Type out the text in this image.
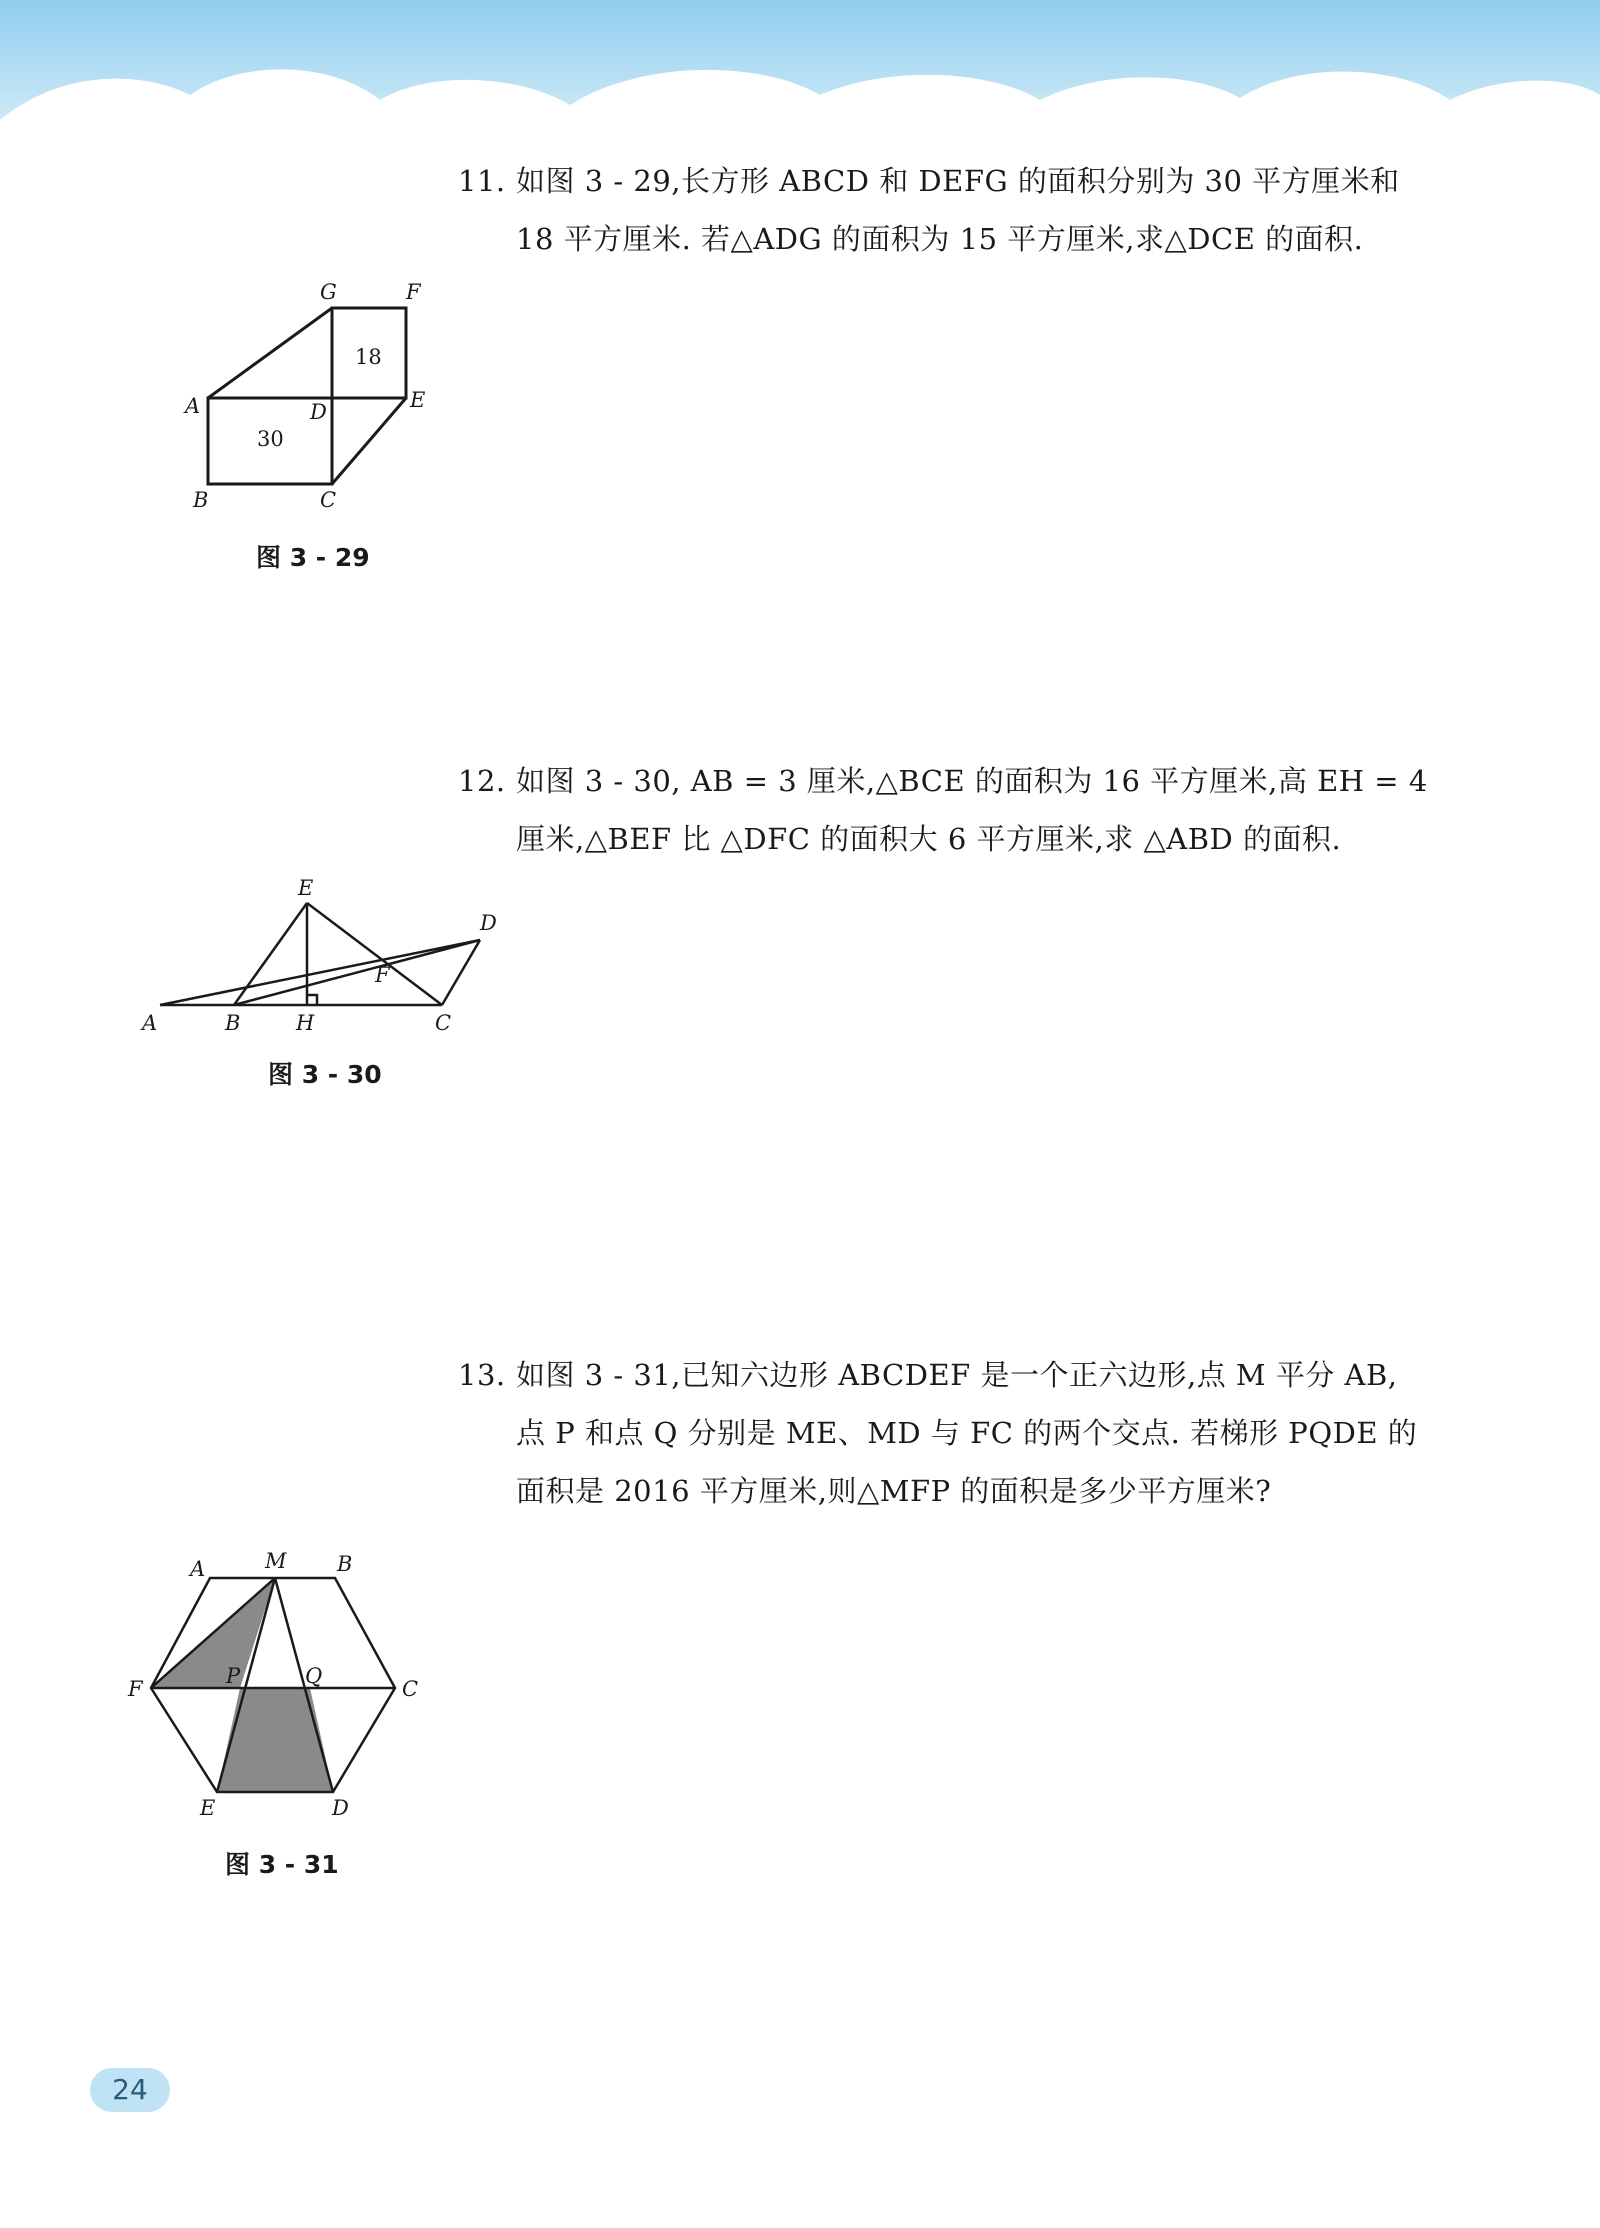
11. 如图 3 - 29,长方形 ABCD 和 DEFG 的面积分别为 30 平方厘米和

18 平方厘米. 若△ADG 的面积为 15 平方厘米,求△DCE 的面积.

A
B	C
D	E
F
G
30
18
图 3 - 29
12. 如图 3 - 30, AB = 3 厘米,△BCE 的面积为 16 平方厘米,高 EH = 4

厘米,△BEF 比 △DFC 的面积大 6 平方厘米,求 △ABD 的面积.

A	B	H	C
E
D
F
图 3 - 30
13. 如图 3 - 31,已知六边形 ABCDEF 是一个正六边形,点 M 平分 AB,

点 P 和点 Q 分别是 ME、MD 与 FC 的两个交点. 若梯形 PQDE 的

面积是 2016 平方厘米,则△MFP 的面积是多少平方厘米?

A	M B
F
P	Q
C
E	D
图 3 - 31
24
